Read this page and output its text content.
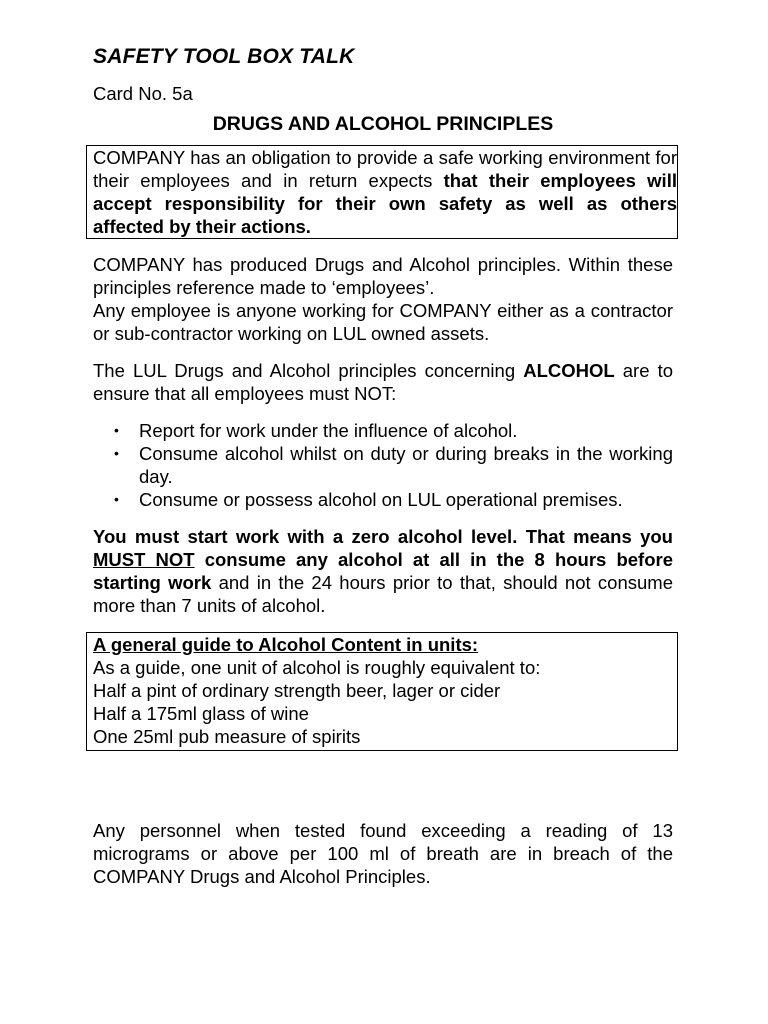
SAFETY TOOL BOX TALK
Card No. 5a
DRUGS AND ALCOHOL PRINCIPLES
COMPANY has an obligation to provide a safe working environment for their employees and in return expects that their employees will accept responsibility for their own safety as well as others affected by their actions.

COMPANY has produced Drugs and Alcohol principles. Within these principles reference made to ‘employees’.

Any employee is anyone working for COMPANY either as a contractor or sub-contractor working on LUL owned assets.

The LUL Drugs and Alcohol principles concerning ALCOHOL are to ensure that all employees must NOT:

• Report for work under the influence of alcohol.
• Consume alcohol whilst on duty or during breaks in the working day.
• Consume or possess alcohol on LUL operational premises.

You must start work with a zero alcohol level. That means you MUST NOT consume any alcohol at all in the 8 hours before starting work and in the 24 hours prior to that, should not consume more than 7 units of alcohol.

A general guide to Alcohol Content in units:
As a guide, one unit of alcohol is roughly equivalent to:
Half a pint of ordinary strength beer, lager or cider
Half a 175ml glass of wine
One 25ml pub measure of spirits

Any personnel when tested found exceeding a reading of 13 micrograms or above per 100 ml of breath are in breach of the COMPANY Drugs and Alcohol Principles.
